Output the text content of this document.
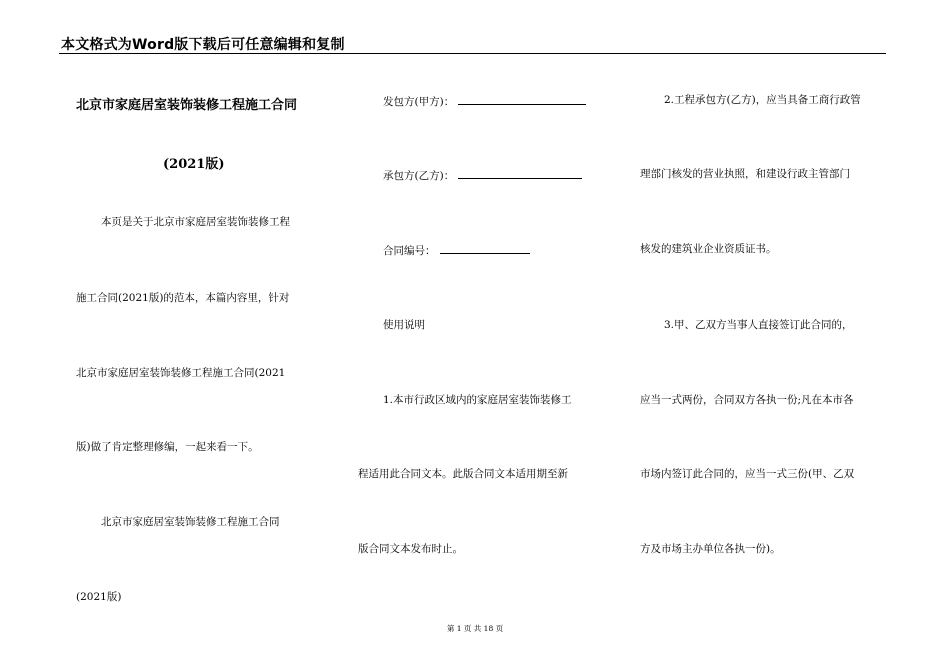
本文格式为Word版下载后可任意编辑和复制
北京市家庭居室装饰装修工程施工合同
(2021版)
本页是关于北京市家庭居室装饰装修工程
施工合同(2021版)的范本，本篇内容里，针对
北京市家庭居室装饰装修工程施工合同(2021
版)做了肯定整理修编，一起来看一下。
北京市家庭居室装饰装修工程施工合同
(2021版)
发包方(甲方)：
承包方(乙方)：
合同编号：
使用说明
1.本市行政区域内的家庭居室装饰装修工
程适用此合同文本。此版合同文本适用期至新
版合同文本发布时止。
2.工程承包方(乙方)，应当具备工商行政管
理部门核发的营业执照，和建设行政主管部门
核发的建筑业企业资质证书。
3.甲、乙双方当事人直接签订此合同的，
应当一式两份，合同双方各执一份;凡在本市各
市场内签订此合同的，应当一式三份(甲、乙双
方及市场主办单位各执一份)。
第 1 页 共 18 页
